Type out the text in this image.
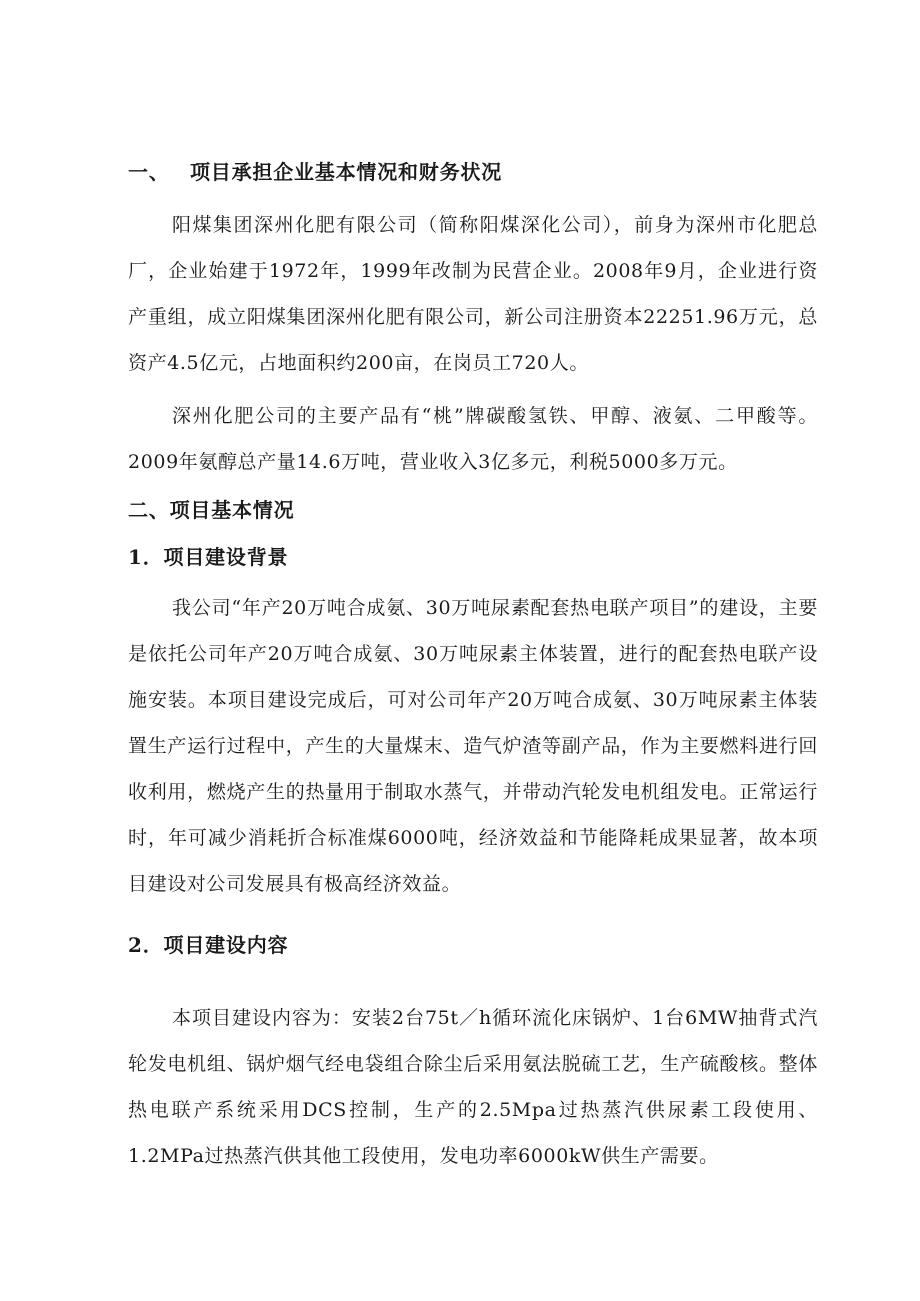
一、 项目承担企业基本情况和财务状况

阳煤集团深州化肥有限公司（简称阳煤深化公司），前身为深州市化肥总厂，企业始建于1972年，1999年改制为民营企业。2008年9月，企业进行资产重组，成立阳煤集团深州化肥有限公司，新公司注册资本22251.96万元，总资产4.5亿元，占地面积约200亩，在岗员工720人。

深州化肥公司的主要产品有“桃”牌碳酸氢铁、甲醇、液氨、二甲酸等。2009年氨醇总产量14.6万吨，营业收入3亿多元，利税5000多万元。

二、项目基本情况
1．项目建设背景

我公司“年产20万吨合成氨、30万吨尿素配套热电联产项目”的建设，主要是依托公司年产20万吨合成氨、30万吨尿素主体装置，进行的配套热电联产设施安装。本项目建设完成后，可对公司年产20万吨合成氨、30万吨尿素主体装置生产运行过程中，产生的大量煤末、造气炉渣等副产品，作为主要燃料进行回收利用，燃烧产生的热量用于制取水蒸气，并带动汽轮发电机组发电。正常运行时，年可减少消耗折合标准煤6000吨，经济效益和节能降耗成果显著，故本项目建设对公司发展具有极高经济效益。

2．项目建设内容

本项目建设内容为：安装2台75t／h循环流化床锅炉、1台6MW抽背式汽轮发电机组、锅炉烟气经电袋组合除尘后采用氨法脱硫工艺，生产硫酸核。整体热电联产系统采用DCS控制，生产的2.5Mpa过热蒸汽供尿素工段使用、1.2MPa过热蒸汽供其他工段使用，发电功率6000kW供生产需要。
